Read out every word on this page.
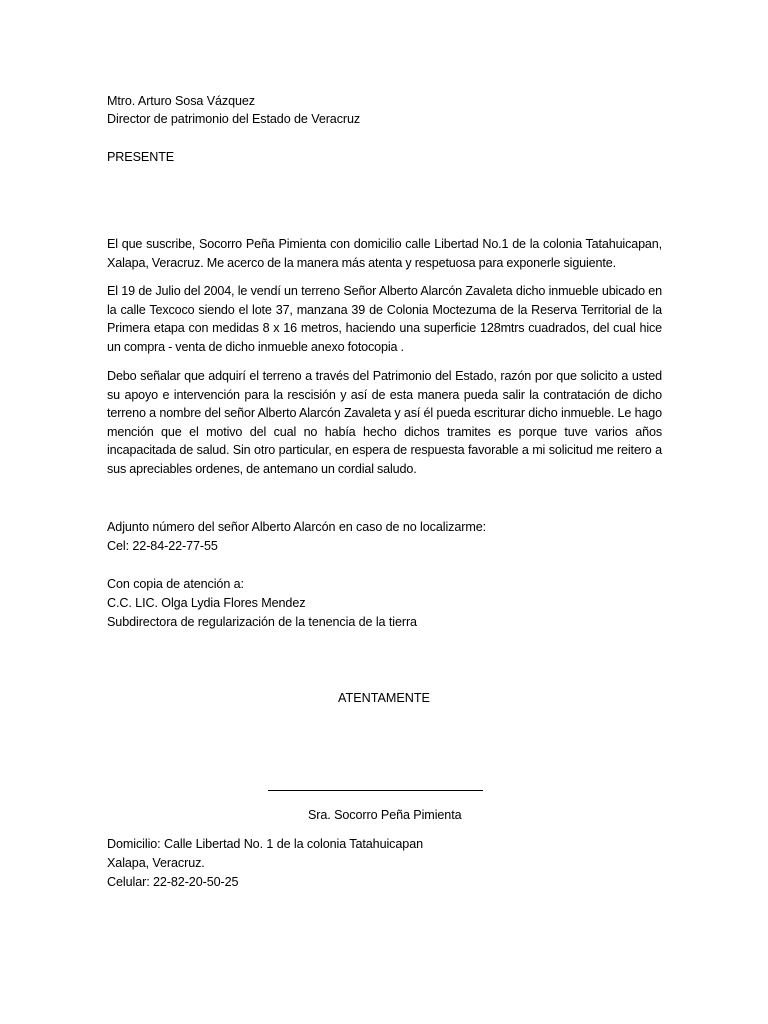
Mtro. Arturo Sosa Vázquez
Director de patrimonio del Estado de Veracruz
PRESENTE
El que suscribe, Socorro Peña Pimienta con domicilio calle Libertad No.1 de la colonia Tatahuicapan, Xalapa, Veracruz. Me acerco de la manera más atenta y respetuosa para exponerle siguiente.
El 19 de Julio del 2004, le vendí un terreno Señor Alberto Alarcón Zavaleta dicho inmueble ubicado en la calle Texcoco siendo el lote 37, manzana 39 de Colonia Moctezuma de la Reserva Territorial de la Primera etapa con medidas 8 x 16 metros, haciendo una superficie 128mtrs cuadrados, del cual hice un compra - venta de dicho inmueble anexo fotocopia .
Debo señalar que adquirí el terreno a través del Patrimonio del Estado, razón por que solicito a usted su apoyo e intervención para la rescisión y así de esta manera pueda salir la contratación de dicho terreno a nombre del señor Alberto Alarcón Zavaleta y así él pueda escriturar dicho inmueble. Le hago mención que el motivo del cual no había hecho dichos tramites es porque tuve varios años incapacitada de salud. Sin otro particular, en espera de respuesta favorable a mi solicitud me reitero a sus apreciables ordenes, de antemano un cordial saludo.
Adjunto número del señor Alberto Alarcón en caso de no localizarme:
Cel: 22-84-22-77-55
Con copia de atención a:
C.C. LIC. Olga Lydia Flores Mendez
Subdirectora de regularización de la tenencia de la tierra
ATENTAMENTE
Sra. Socorro Peña Pimienta
Domicilio: Calle Libertad No. 1 de la colonia Tatahuicapan
Xalapa, Veracruz.
Celular: 22-82-20-50-25
